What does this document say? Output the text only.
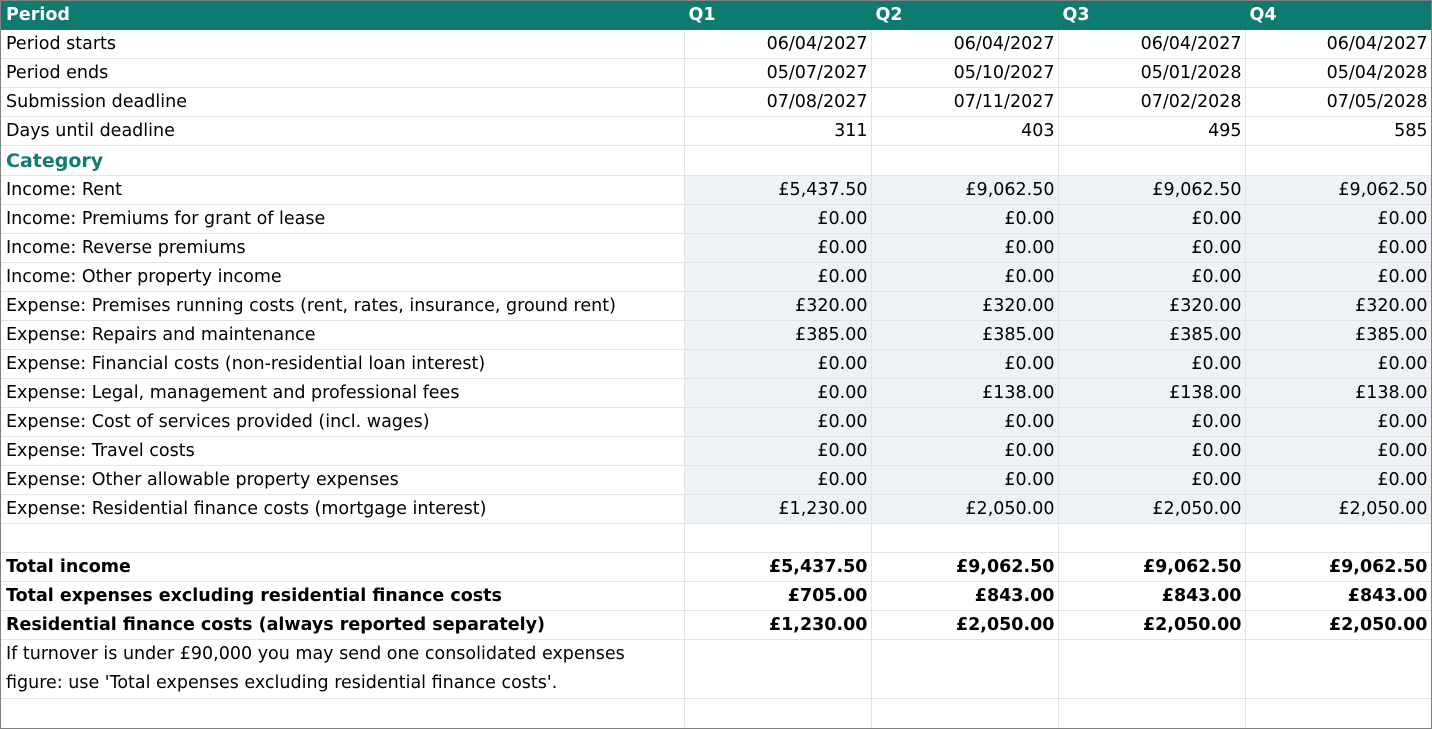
Period	Q1	Q2	Q3	Q4
Period starts	06/04/2027	06/04/2027	06/04/2027	06/04/2027
Period ends	05/07/2027	05/10/2027	05/01/2028	05/04/2028
Submission deadline	07/08/2027	07/11/2027	07/02/2028	07/05/2028
Days until deadline	311	403	495	585
Category				
Income: Rent	£5,437.50	£9,062.50	£9,062.50	£9,062.50
Income: Premiums for grant of lease	£0.00	£0.00	£0.00	£0.00
Income: Reverse premiums	£0.00	£0.00	£0.00	£0.00
Income: Other property income	£0.00	£0.00	£0.00	£0.00
Expense: Premises running costs (rent, rates, insurance, ground rent)	£320.00	£320.00	£320.00	£320.00
Expense: Repairs and maintenance	£385.00	£385.00	£385.00	£385.00
Expense: Financial costs (non-residential loan interest)	£0.00	£0.00	£0.00	£0.00
Expense: Legal, management and professional fees	£0.00	£138.00	£138.00	£138.00
Expense: Cost of services provided (incl. wages)	£0.00	£0.00	£0.00	£0.00
Expense: Travel costs	£0.00	£0.00	£0.00	£0.00
Expense: Other allowable property expenses	£0.00	£0.00	£0.00	£0.00
Expense: Residential finance costs (mortgage interest)	£1,230.00	£2,050.00	£2,050.00	£2,050.00

Total income	£5,437.50	£9,062.50	£9,062.50	£9,062.50
Total expenses excluding residential finance costs	£705.00	£843.00	£843.00	£843.00
Residential finance costs (always reported separately)	£1,230.00	£2,050.00	£2,050.00	£2,050.00
If turnover is under £90,000 you may send one consolidated expenses figure: use 'Total expenses excluding residential finance costs'.				
